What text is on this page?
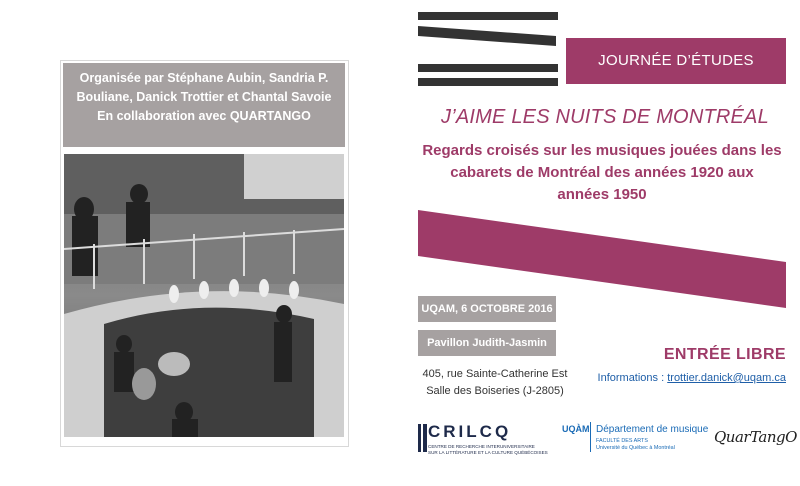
Organisée par Stéphane Aubin, Sandria P.
Bouliane, Danick Trottier et Chantal Savoie
En collaboration avec QUARTANGO
JOURNÉE D’ÉTUDES
J’AIME LES NUITS DE MONTRÉAL
Regards croisés sur les musiques jouées dans les
cabarets de Montréal des années 1920 aux
années 1950
UQAM, 6 OCTOBRE 2016
Pavillon Judith-Jasmin
405, rue Sainte-Catherine Est
Salle des Boiseries (J-2805)
ENTRÉE LIBRE
Informations : trottier.danick@uqam.ca
CRILCQ
CENTRE DE RECHERCHE INTERUNIVERSITAIRE
SUR LA LITTÉRATURE ET LA CULTURE QUÉBÉCOISES
UQÀM Département de musique
FACULTÉ DES ARTS
Université du Québec à Montréal
QuarTangO
